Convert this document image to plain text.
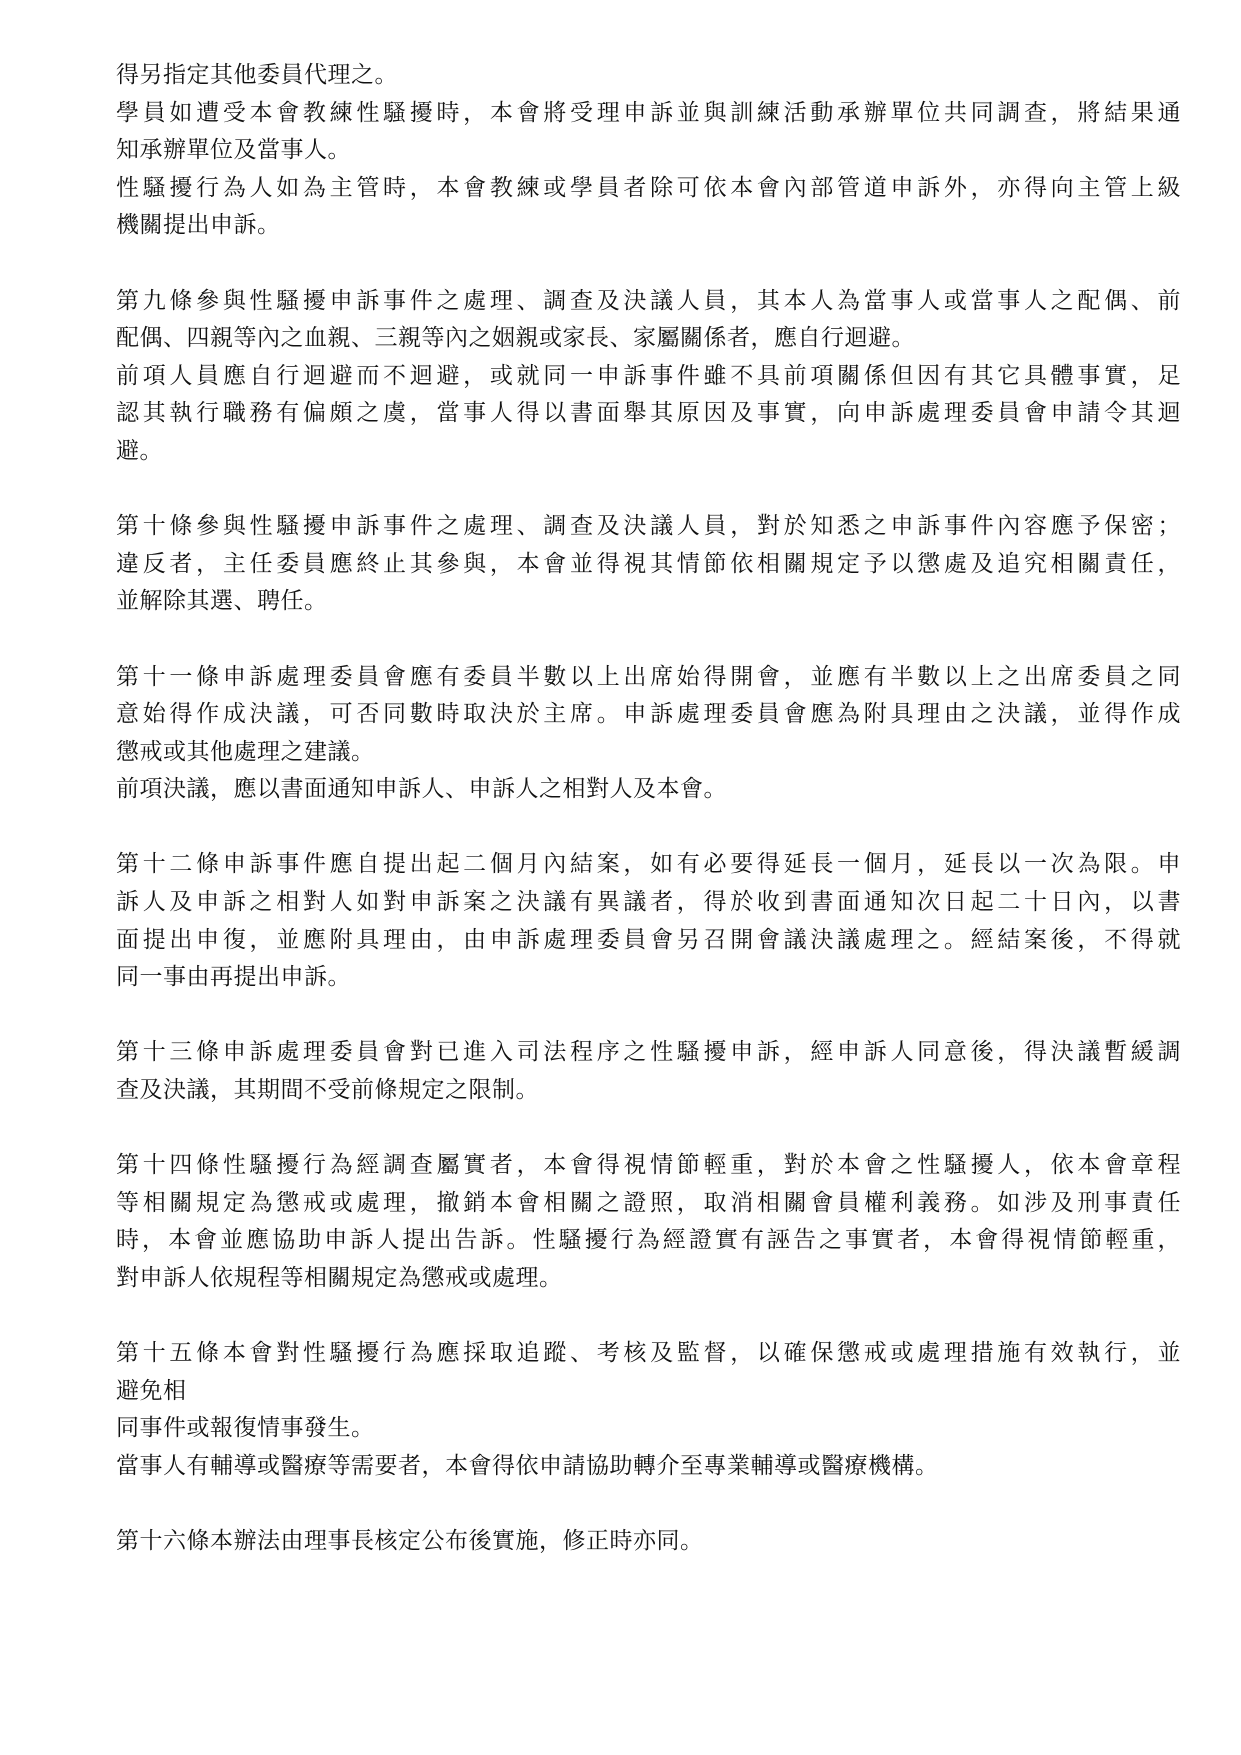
得另指定其他委員代理之。
學員如遭受本會教練性騷擾時，本會將受理申訴並與訓練活動承辦單位共同調查，將結果通
知承辦單位及當事人。
性騷擾行為人如為主管時，本會教練或學員者除可依本會內部管道申訴外，亦得向主管上級
機關提出申訴。
第九條參與性騷擾申訴事件之處理、調查及決議人員，其本人為當事人或當事人之配偶、前
配偶、四親等內之血親、三親等內之姻親或家長、家屬關係者，應自行迴避。
前項人員應自行迴避而不迴避，或就同一申訴事件雖不具前項關係但因有其它具體事實，足
認其執行職務有偏頗之虞，當事人得以書面舉其原因及事實，向申訴處理委員會申請令其迴
避。
第十條參與性騷擾申訴事件之處理、調查及決議人員，對於知悉之申訴事件內容應予保密；
違反者，主任委員應終止其參與，本會並得視其情節依相關規定予以懲處及追究相關責任，
並解除其選、聘任。
第十一條申訴處理委員會應有委員半數以上出席始得開會，並應有半數以上之出席委員之同
意始得作成決議，可否同數時取決於主席。申訴處理委員會應為附具理由之決議，並得作成
懲戒或其他處理之建議。
前項決議，應以書面通知申訴人、申訴人之相對人及本會。
第十二條申訴事件應自提出起二個月內結案，如有必要得延長一個月，延長以一次為限。申
訴人及申訴之相對人如對申訴案之決議有異議者，得於收到書面通知次日起二十日內，以書
面提出申復，並應附具理由，由申訴處理委員會另召開會議決議處理之。經結案後，不得就
同一事由再提出申訴。
第十三條申訴處理委員會對已進入司法程序之性騷擾申訴，經申訴人同意後，得決議暫緩調
查及決議，其期間不受前條規定之限制。
第十四條性騷擾行為經調查屬實者，本會得視情節輕重，對於本會之性騷擾人，依本會章程
等相關規定為懲戒或處理，撤銷本會相關之證照，取消相關會員權利義務。如涉及刑事責任
時，本會並應協助申訴人提出告訴。性騷擾行為經證實有誣告之事實者，本會得視情節輕重，
對申訴人依規程等相關規定為懲戒或處理。
第十五條本會對性騷擾行為應採取追蹤、考核及監督，以確保懲戒或處理措施有效執行，並
避免相
同事件或報復情事發生。
當事人有輔導或醫療等需要者，本會得依申請協助轉介至專業輔導或醫療機構。
第十六條本辦法由理事長核定公布後實施，修正時亦同。
